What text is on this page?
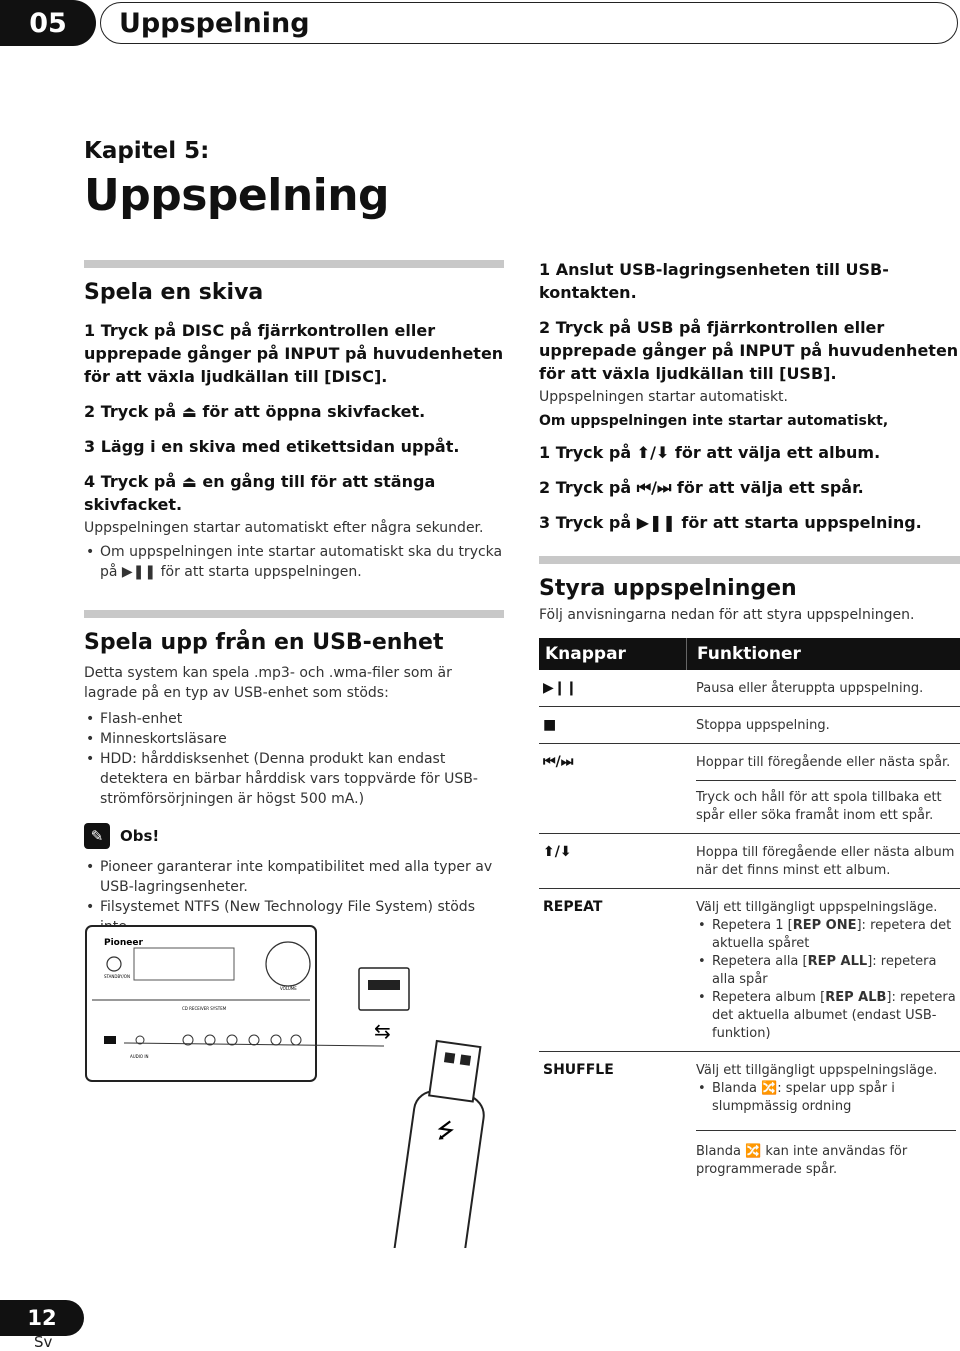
05 Uppspelning
Kapitel 5:
Uppspelning
Spela en skiva

1 Tryck på DISC på fjärrkontrollen eller upprepade gånger på INPUT på huvudenheten för att växla ljudkällan till [DISC].

2 Tryck på ⏏ för att öppna skivfacket.

3 Lägg i en skiva med etikettsidan uppåt.

4 Tryck på ⏏ en gång till för att stänga skivfacket.

Uppspelningen startar automatiskt efter några sekunder.

• Om uppspelningen inte startar automatiskt ska du trycka på ▶❚❚ för att starta uppspelningen.
Spela upp från en USB-enhet

Detta system kan spela .mp3- och .wma-filer som är lagrade på en typ av USB-enhet som stöds:

• Flash-enhet
• Minneskortsläsare
• HDD: hårddisksenhet (Denna produkt kan endast detektera en bärbar hårddisk vars toppvärde för USB-strömförsörjningen är högst 500 mA.)
✎	Obs!
• Pioneer garanterar inte kompatibilitet med alla typer av USB-lagringsenheter.
• Filsystemet NTFS (New Technology File System) stöds
Pioneer
STANDBY/ON
VOLUME
CD RECEIVER SYSTEM
AUDIO IN
⭍
⇆

1 Anslut USB-lagringsenheten till USB-kontakten.

2 Tryck på USB på fjärrkontrollen eller upprepade gånger på INPUT på huvudenheten för att växla ljudkällan till [USB].

Uppspelningen startar automatiskt.

Om uppspelningen inte startar automatiskt,

1 Tryck på ⬆/⬇ för att välja ett album.

2 Tryck på ⏮/⏭ för att välja ett spår.

3 Tryck på ▶❚❚ för att starta uppspelning.

Styra uppspelningen

Följ anvisningarna nedan för att styra uppspelningen.

Knappar	Funktioner
▶❙❙	Pausa eller återuppta uppspelning.
■	Stoppa uppspelning.
⏮/⏭	Hoppar till föregående eller nästa spår.
Tryck och håll för att spola tillbaka ett spår eller söka framåt inom ett spår.
⬆/⬇	Hoppa till föregående eller nästa album när det finns minst ett album.
REPEAT	Välj ett tillgängligt uppspelningsläge.
• Repetera 1 [REP ONE]: repetera det aktuella spåret
• Repetera alla [REP ALL]: repetera alla spår
• Repetera album [REP ALB]: repetera det aktuella albumet (endast USB-funktion)
SHUFFLE	Välj ett tillgängligt uppspelningsläge.
• Blanda 🔀: spelar upp spår i slumpmässig ordning
Blanda 🔀 kan inte användas för programmerade spår.
12
Sv
